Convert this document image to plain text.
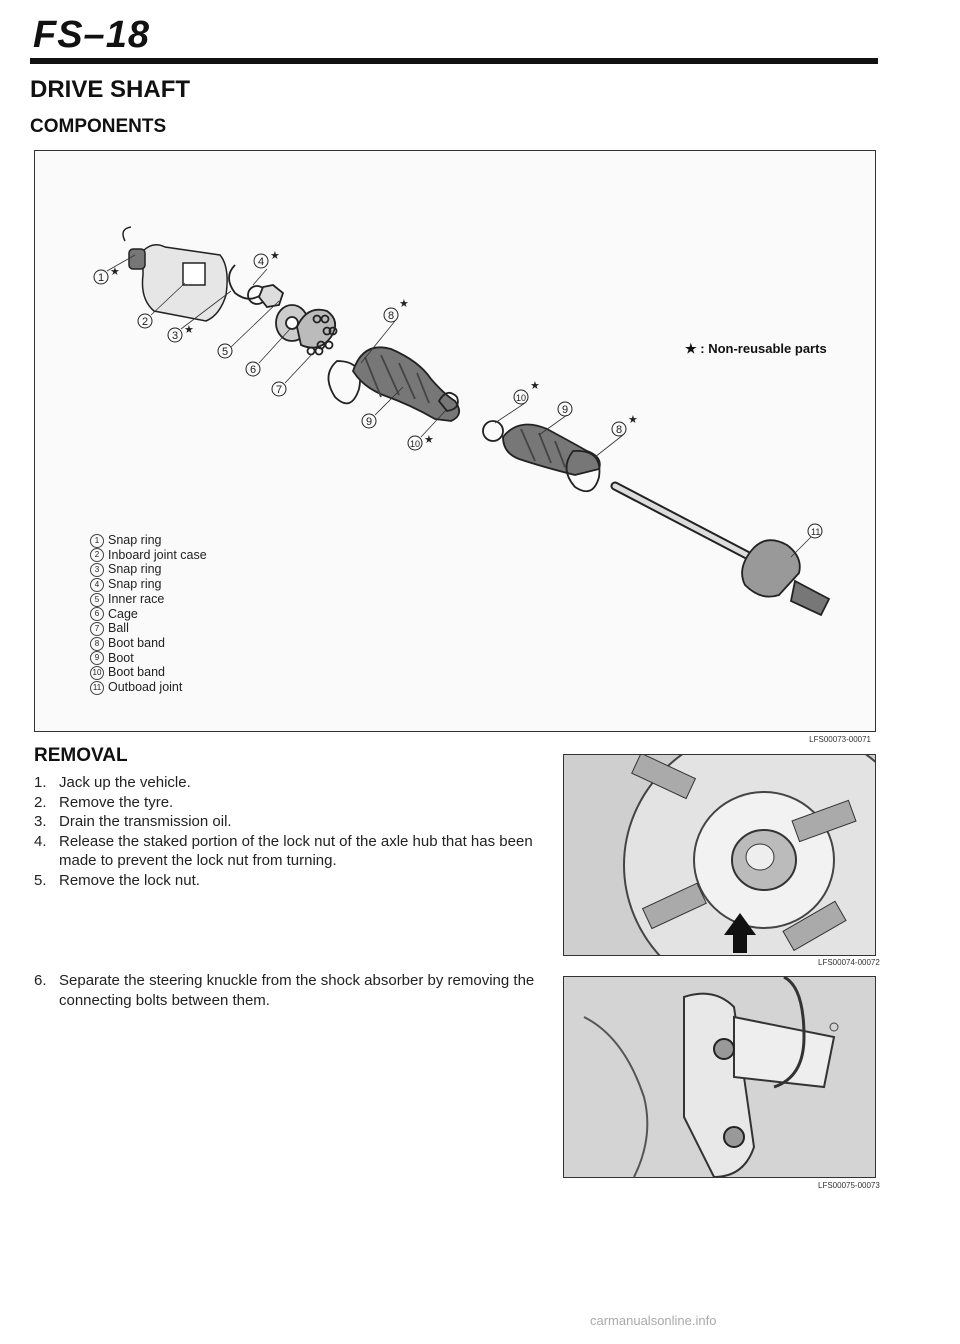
FS–18
DRIVE SHAFT
COMPONENTS
1 ★
2
3 ★
4 ★
5
6
7
8
★
9
10
★
9
10 ★
8
★
11
★ : Non-reusable parts
LFS00073-00071
1 Snap ring
2 Inboard joint case
3 Snap ring
4 Snap ring
5 Inner race
6 Cage
7 Ball
8 Boot band
9 Boot
10 Boot band
11 Outboad joint
REMOVAL
1. Jack up the vehicle.
2. Remove the tyre.
3. Drain the transmission oil.
4. Release the staked portion of the lock nut of the axle hub that has been made to prevent the lock nut from turning.
5. Remove the lock nut.
LFS00074-00072
6. Separate the steering knuckle from the shock absorber by removing the connecting bolts between them.
LFS00075-00073
carmanualsonline.info
